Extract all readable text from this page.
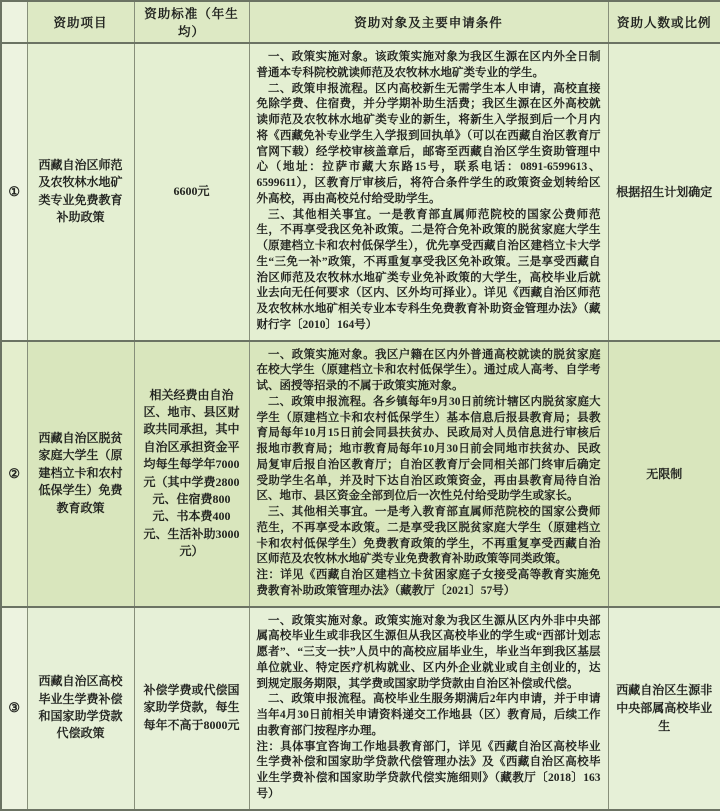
	资助项目	资助标准（年生均）	资助对象及主要申请条件	资助人数或比例
①	西藏自治区师范及农牧林水地矿类专业免费教育补助政策	6600元	一、政策实施对象。该政策实施对象为我区生源在区内外全日制普通本专科院校就读师范及农牧林水地矿类专业的学生。

二、政策申报流程。区内高校新生无需学生本人申请，高校直接免除学费、住宿费，并分学期补助生活费；我区生源在区外高校就读师范及农牧林水地矿类专业的新生，将新生入学报到后一个月内将《西藏免补专业学生入学报到回执单》（可以在西藏自治区教育厅官网下载）经学校审核盖章后，邮寄至西藏自治区学生资助管理中心（地址：拉萨市藏大东路15号，联系电话：0891-6599613、6599611），区教育厅审核后，将符合条件学生的政策资金划转给区外高校，再由高校兑付给受助学生。

三、其他相关事宜。一是教育部直属师范院校的国家公费师范生，不再享受我区免补政策。二是符合免补政策的脱贫家庭大学生（原建档立卡和农村低保学生），优先享受西藏自治区建档立卡大学生“三免一补”政策，不再重复享受我区免补政策。三是享受西藏自治区师范及农牧林水地矿类专业免补政策的大学生，高校毕业后就业去向无任何要求（区内、区外均可择业）。详见《西藏自治区师范及农牧林水地矿相关专业本专科生免费教育补助资金管理办法》（藏财行字〔2010〕164号）	根据招生计划确定
②	西藏自治区脱贫家庭大学生（原建档立卡和农村低保学生）免费教育政策	相关经费由自治区、地市、县区财政共同承担，其中自治区承担资金平均每生每学年7000元（其中学费2800元、住宿费800元、书本费400元、生活补助3000元）	一、政策实施对象。我区户籍在区内外普通高校就读的脱贫家庭在校大学生（原建档立卡和农村低保学生）。通过成人高考、自学考试、函授等招录的不属于政策实施对象。

二、政策申报流程。各乡镇每年9月30日前统计辖区内脱贫家庭大学生（原建档立卡和农村低保学生）基本信息后报县教育局；县教育局每年10月15日前会同县扶贫办、民政局对人员信息进行审核后报地市教育局；地市教育局每年10月30日前会同地市扶贫办、民政局复审后报自治区教育厅；自治区教育厅会同相关部门终审后确定受助学生名单，并及时下达自治区政策资金，再由县教育局待自治区、地市、县区资金全部到位后一次性兑付给受助学生或家长。

三、其他相关事宜。一是考入教育部直属师范院校的国家公费师范生，不再享受本政策。二是享受我区脱贫家庭大学生（原建档立卡和农村低保学生）免费教育政策的学生，不再重复享受西藏自治区师范及农牧林水地矿类专业免费教育补助政策等同类政策。

注：详见《西藏自治区建档立卡贫困家庭子女接受高等教育实施免费教育补助政策管理办法》（藏教厅〔2021〕57号）	无限制
③	西藏自治区高校毕业生学费补偿和国家助学贷款代偿政策	补偿学费或代偿国家助学贷款，每生每年不高于8000元	一、政策实施对象。政策实施对象为我区生源从区内外非中央部属高校毕业生或非我区生源但从我区高校毕业的学生或“西部计划志愿者”、“三支一扶”人员中的高校应届毕业生，毕业当年到我区基层单位就业、特定医疗机构就业、区内外企业就业或自主创业的，达到规定服务期限，其学费或国家助学贷款由自治区补偿或代偿。

二、政策申报流程。高校毕业生服务期满后2年内申请，并于申请当年4月30日前相关申请资料递交工作地县（区）教育局，后续工作由教育部门按程序办理。

注：具体事宜咨询工作地县教育部门，详见《西藏自治区高校毕业生学费补偿和国家助学贷款代偿管理办法》及《西藏自治区高校毕业生学费补偿和国家助学贷款代偿实施细则》（藏教厅〔2018〕163号）	西藏自治区生源非中央部属高校毕业生
